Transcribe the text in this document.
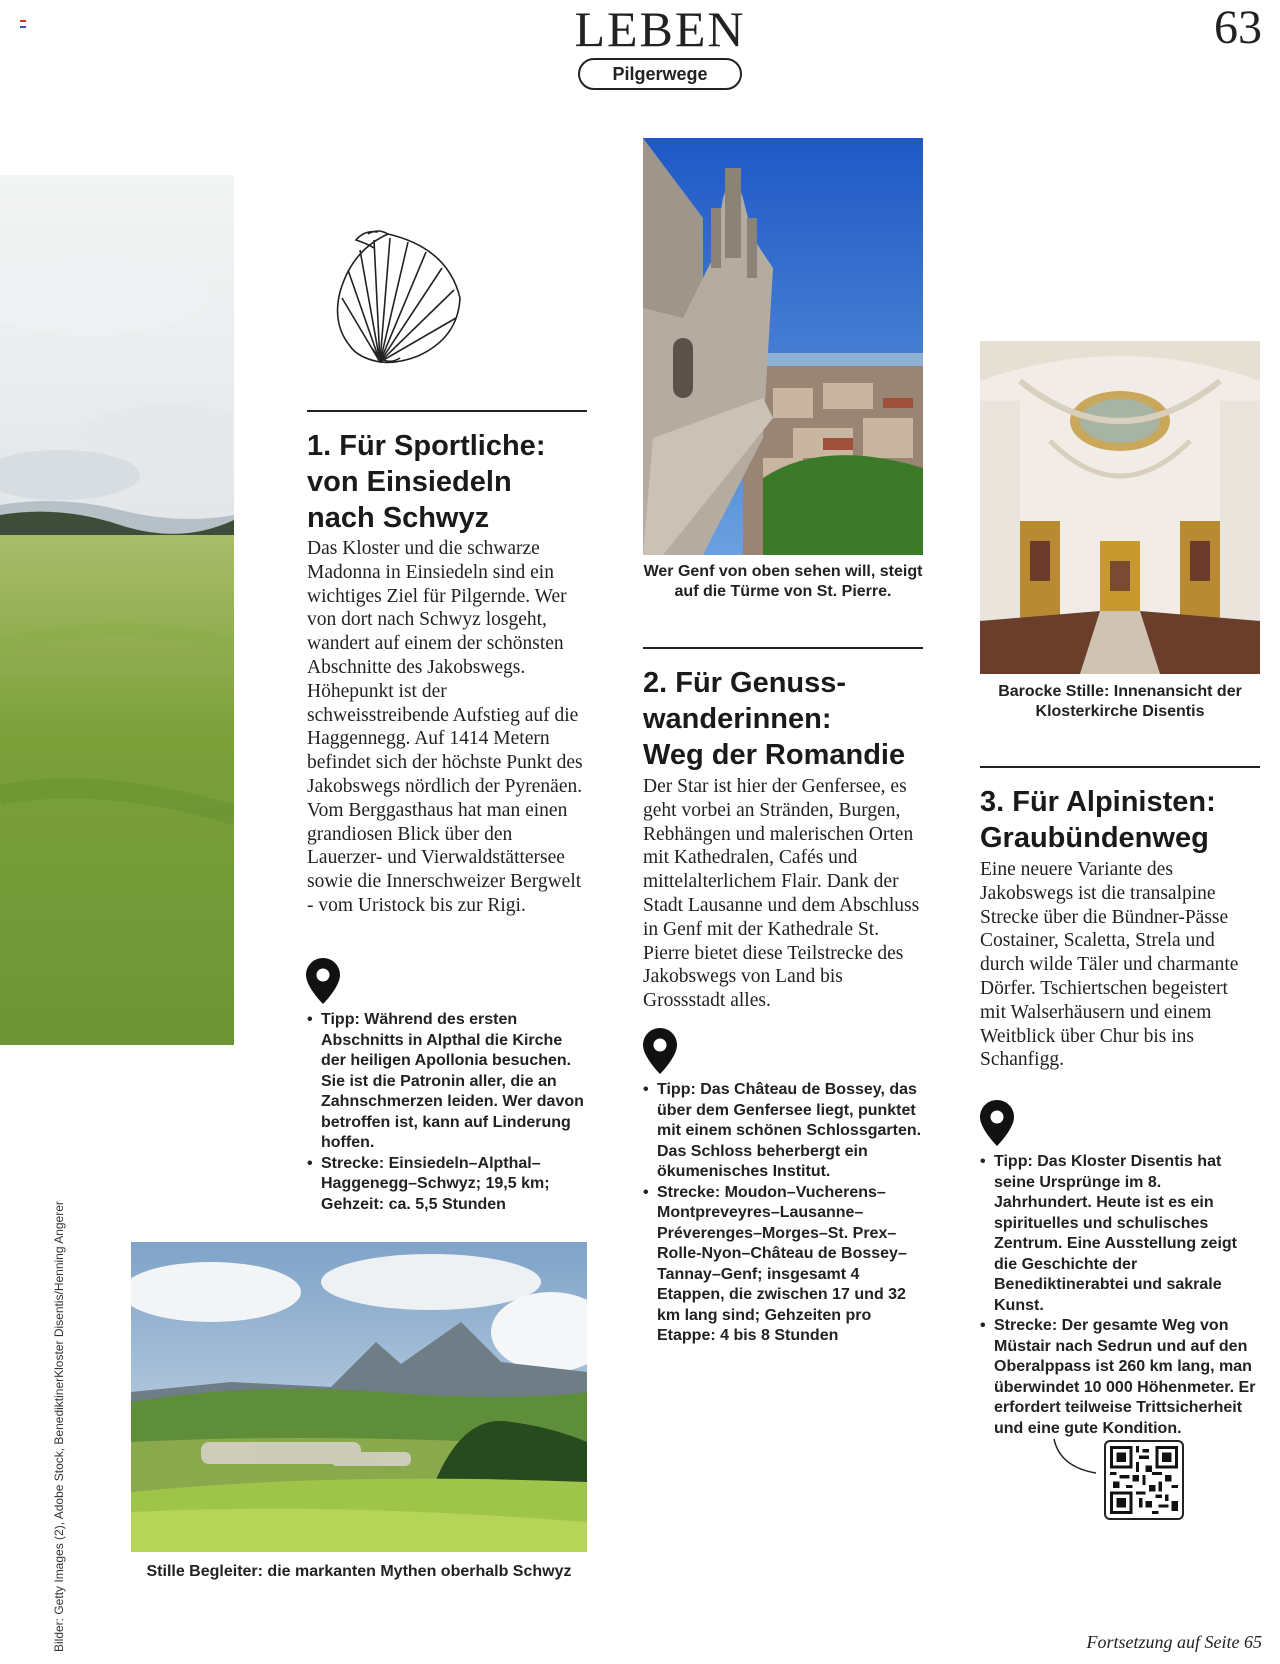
LEBEN
Pilgerwege
63
1. Für Sportliche:
von Einsiedeln
nach Schwyz
Das Kloster und die schwarze Madonna in Einsiedeln sind ein wichtiges Ziel für Pilgernde. Wer von dort nach Schwyz losgeht, wandert auf einem der schönsten Abschnitte des Jakobswegs. Höhepunkt ist der schweisstreibende Aufstieg auf die Haggennegg. Auf 1414 Metern befindet sich der höchste Punkt des Jakobswegs nördlich der Pyrenäen. Vom Berggasthaus hat man einen grandiosen Blick über den Lauerzer- und Vierwaldstättersee sowie die Innerschweizer Bergwelt - vom Uristock bis zur Rigi.
• Tipp: Während des ersten Abschnitts in Alpthal die Kirche der heiligen Apollonia besuchen. Sie ist die Patronin aller, die an Zahnschmerzen leiden. Wer davon betroffen ist, kann auf Linderung hoffen.
• Strecke: Einsiedeln–Alpthal–Haggenegg–Schwyz; 19,5 km; Gehzeit: ca. 5,5 Stunden
Stille Begleiter: die markanten Mythen oberhalb Schwyz
Wer Genf von oben sehen will, steigt auf die Türme von St. Pierre.
2. Für Genuss-
wanderinnen:
Weg der Romandie
Der Star ist hier der Genfersee, es geht vorbei an Stränden, Burgen, Rebhängen und malerischen Orten mit Kathedralen, Cafés und mittelalterlichem Flair. Dank der Stadt Lausanne und dem Abschluss in Genf mit der Kathedrale St. Pierre bietet diese Teilstrecke des Jakobswegs von Land bis Grossstadt alles.
• Tipp: Das Château de Bossey, das über dem Genfersee liegt, punktet mit einem schönen Schlossgarten. Das Schloss beherbergt ein ökumenisches Institut.
• Strecke: Moudon–Vucherens–Montpreveyres–Lausanne–Préverenges–Morges–St. Prex–Rolle-Nyon–Château de Bossey–Tannay–Genf; insgesamt 4 Etappen, die zwischen 17 und 32 km lang sind; Gehzeiten pro Etappe: 4 bis 8 Stunden
Barocke Stille: Innenansicht der Klosterkirche Disentis
3. Für Alpinisten:
Graubündenweg
Eine neuere Variante des Jakobswegs ist die transalpine Strecke über die Bündner-Pässe Costainer, Scaletta, Strela und durch wilde Täler und charmante Dörfer. Tschiertschen begeistert mit Walserhäusern und einem Weitblick über Chur bis ins Schanfigg.
• Tipp: Das Kloster Disentis hat seine Ursprünge im 8. Jahrhundert. Heute ist es ein spirituelles und schulisches Zentrum. Eine Ausstellung zeigt die Geschichte der Benediktinerabtei und sakrale Kunst.
• Strecke: Der gesamte Weg von Müstair nach Sedrun und auf den Oberalppass ist 260 km lang, man überwindet 10 000 Höhenmeter. Er erfordert teilweise Trittsicherheit und eine gute Kondition.
Bilder: Getty Images (2), Adobe Stock, BenediktinerKloster Disentis/Henning Angerer	Fortsetzung auf Seite 65
